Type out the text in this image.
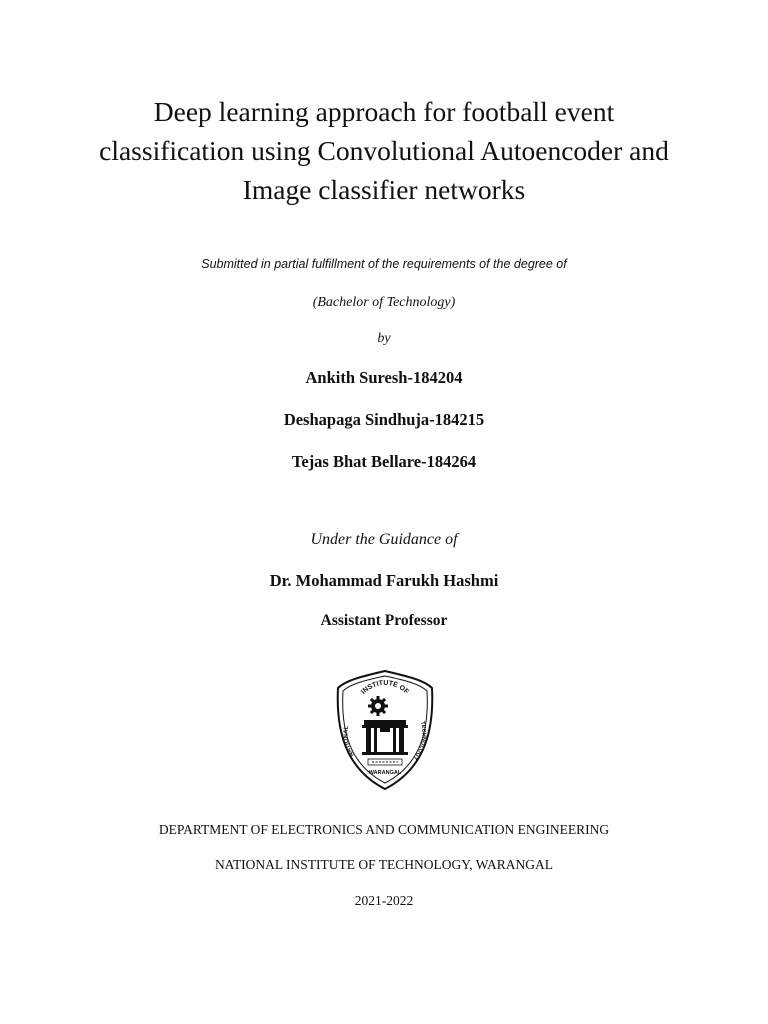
Deep learning approach for football event
classification using Convolutional Autoencoder and
Image classifier networks

Submitted in partial fulfillment of the requirements of the degree of

(Bachelor of Technology)

by

Ankith Suresh-184204

Deshapaga Sindhuja-184215

Tejas Bhat Bellare-184264

Under the Guidance of

Dr. Mohammad Farukh Hashmi

Assistant Professor

INSTITUTE OF
NATIONAL
TECHNOLOGY
WARANGAL

DEPARTMENT OF ELECTRONICS AND COMMUNICATION ENGINEERING

NATIONAL INSTITUTE OF TECHNOLOGY, WARANGAL

2021-2022
